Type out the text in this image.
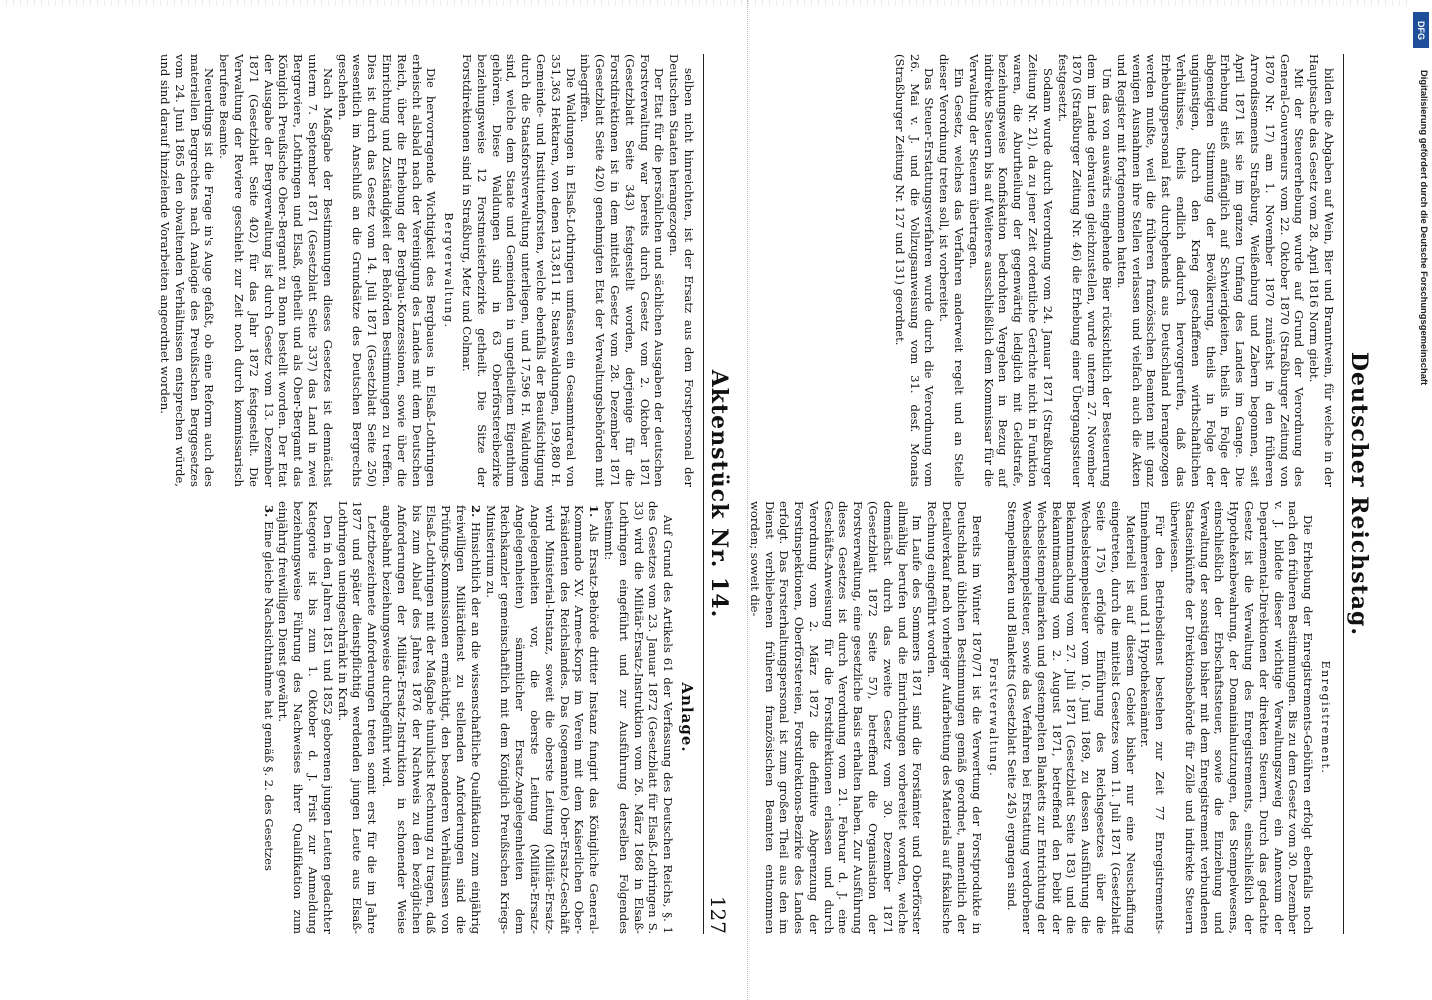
Deutscher Reichstag.

bilden die Abgaben auf Wein, Bier und Branntwein, für welche in der Hauptsache das Gesetz vom 28. April 1816 Norm giebt.

Mit der Steuererhebung wurde auf Grund der Verordnung des General-Gouverneurs vom 22. Oktober 1870 (Straßburger Zeitung von 1870 Nr. 17) am 1. November 1870 zunächst in den früheren Arrondissements Straßburg, Weißenburg und Zabern begonnen, seit April 1871 ist sie im ganzen Umfang des Landes im Gange. Die Erhebung stieß anfänglich auf Schwierigkeiten, theils in Folge der abgeneigten Stimmung der Bevölkerung, theils in Folge der ungünstigen, durch den Krieg geschaffenen wirthschaftlichen Verhältnisse, theils endlich dadurch hervorgerufen, daß das Erhebungspersonal fast durchgehends aus Deutschland herangezogen werden mußte, weil die früheren französischen Beamten mit ganz wenigen Ausnahmen ihre Stellen verlassen und vielfach auch die Akten und Register mit fortgenommen hatten.

Um das von auswärts eingehende Bier rücksichtlich der Besteuerung dem im Lande gebrauten gleichzustellen, wurde unterm 27. November 1870 (Straßburger Zeitung Nr. 46) die Erhebung einer Übergangssteuer festgesetzt.

Sodann wurde durch Verordnung vom 24. Januar 1871 (Straßburger Zeitung Nr. 21), da zu jener Zeit ordentliche Gerichte nicht in Funktion waren, die Aburtheilung der gegenwärtig lediglich mit Geldstrafe, beziehungsweise Konfiskation bedrohten Vergehen in Bezug auf indirekte Steuern bis auf Weiteres ausschließlich dem Kommissar für die Verwaltung der Steuern übertragen.

Ein Gesetz, welches das Verfahren anderweit regelt und an Stelle dieser Verordnung treten soll, ist vorbereitet.

Das Steuer-Erstattungsverfahren wurde durch die Verordnung vom 26. Mai v. J. und die Vollzugsanweisung vom 31. desf. Monats (Straßburger Zeitung Nr. 127 und 131) geordnet.

Enregistrement.

Die Erhebung der Enregistrements-Gebühren erfolgt ebenfalls noch nach den früheren Bestimmungen. Bis zu dem Gesetz vom 30. Dezember v. J. bildete dieser wichtige Verwaltungszweig ein Annexum der Departemental-Direktionen der direkten Steuern. Durch das gedachte Gesetz ist die Verwaltung des Enregistrements, einschließlich der Hypothekenbewahrung, der Domainialnutzungen, des Stempelwesens, einschließlich der Erbschaftssteuer, sowie die Einziehung und Verwaltung der sonstigen bisher mit dem Enregistrement verbundenen Staatseinkünfte der Direktionsbehörde für Zölle und indirekte Steuern überwiesen.

Für den Betriebsdienst bestehen zur Zeit 77 Enregistrements-Einnehmereien und 11 Hypothekenämter.

Materiell ist auf diesem Gebiet bisher nur eine Neuschaffung eingetreten, durch die mittelst Gesetzes vom 11. Juli 1871 (Gesetzblatt Seite 175) erfolgte Einführung des Reichsgesetzes über die Wechselstempelsteuer vom 10. Juni 1869, zu dessen Ausführung die Bekanntmachung vom 27. Juli 1871 (Gesetzblatt Seite 183) und die Bekanntmachung vom 2. August 1871, betreffend den Debit der Wechselstempelmarken und gestempelten Blanketts zur Entrichtung der Wechselstempelsteuer, sowie das Verfahren bei Erstattung verdorbener Stempelmarken und Blanketts (Gesetzblatt Seite 245) ergangen sind.

Forstverwaltung.

Bereits im Winter 1870/71 ist die Verwertung der Forstprodukte in Deutschland üblichen Bestimmungen gemäß geordnet, namentlich der Detailverkauf nach vorheriger Aufarbeitung des Materials auf fiskalische Rechnung eingeführt worden.

Im Laufe des Sommers 1871 sind die Forstämter und Oberförster allmählig berufen und die Einrichtungen vorbereitet worden, welche demnächst durch das zweite Gesetz vom 30. Dezember 1871 (Gesetzblatt 1872 Seite 57), betreffend die Organisation der Forstverwaltung, eine gesetzliche Basis erhalten haben. Zur Ausführung dieses Gesetzes ist durch Verordnung vom 21. Februar d. J. eine Geschäfts-Anweisung für die Forstdirektionen erlassen und durch Verordnung vom 2. März 1872 die definitive Abgrenzung der Forstinspektionen, Oberförstereien, Forstdirektions-Bezirke des Landes erfolgt. Das Forsterhaltungspersonal ist zum großen Theil aus den im Dienst verbliebenen früheren französischen Beamten entnommen worden; soweit die-

Aktenstück Nr. 14.
127

selben nicht hinreichten, ist der Ersatz aus dem Forstpersonal der Deutschen Staaten herangezogen.

Der Etat für die persönlichen und sächlichen Ausgaben der deutschen Forstverwaltung war bereits durch Gesetz vom 2. Oktober 1871 (Gesetzblatt Seite 343) festgestellt worden, derjenige für die Forstdirektionen ist in dem mittelst Gesetz vom 28. Dezember 1871 (Gesetzblatt Seite 420) genehmigten Etat der Verwaltungsbehörden mit inbegriffen.

Die Waldungen in Elsaß-Lothringen umfassen ein Gesammtareal von 351,363 Hektaren, von denen 133,811 H. Staatswaldungen, 199,880 H. Gemeinde- und Institutenforsten, welche ebenfalls der Beaufsichtigung durch die Staatsforstverwaltung unterliegen, und 17,596 H. Waldungen sind, welche dem Staate und Gemeinden in ungetheiltem Eigenthum gehören. Diese Waldungen sind in 63 Oberförstereibezirke beziehungsweise 12 Forstmeisterbezirke getheilt. Die Sitze der Forstdirektionen sind in Straßburg, Metz und Colmar.

Bergverwaltung.

Die hervorragende Wichtigkeit des Bergbaues in Elsaß-Lothringen erheischt alsbald nach der Vereinigung des Landes mit dem Deutschen Reich, über die Erhebung der Bergbau-Konzessionen, sowie über die Einrichtung und Zuständigkeit der Behörden Bestimmungen zu treffen. Dies ist durch das Gesetz vom 14. Juli 1871 (Gesetzblatt Seite 250) wesentlich im Anschluß an die Grundsätze des Deutschen Bergrechts geschehen.

Nach Maßgabe der Bestimmungen dieses Gesetzes ist demnächst unterm 7. September 1871 (Gesetzblatt Seite 337) das Land in zwei Bergreviere, Lothringen und Elsaß, getheilt und als Ober-Bergamt das Königlich Preußische Ober-Bergamt zu Bonn bestellt worden. Der Etat der Ausgabe der Bergverwaltung ist durch Gesetz vom 13. Dezember 1871 (Gesetzblatt Seite 402) für das Jahr 1872 festgestellt. Die Verwaltung der Reviere geschieht zur Zeit noch durch kommissarisch berufene Beamte.

Neuerdings ist die Frage in's Auge gefaßt, ob eine Reform auch des materiellen Bergrechtes nach Analogie des Preußischen Berggesetzes vom 24. Juni 1865 den obwaltenden Verhältnissen entsprechen würde, und sind darauf hinzielende Vorarbeiten angeordnet worden.

Anlage.

Auf Grund des Artikels 61 der Verfassung des Deutschen Reichs, §. 1 des Gesetzes vom 23. Januar 1872 (Gesetzblatt für Elsaß-Lothringen S. 33) wird die Militär-Ersatz-Instruktion vom 26. März 1868 in Elsaß-Lothringen eingeführt und zur Ausführung derselben Folgendes bestimmt:

1. Als Ersatz-Behörde dritter Instanz fungirt das Königliche General-Kommando XV. Armee-Korps im Verein mit dem Kaiserlichen Ober-Präsidenten des Reichslandes. Das (sogenannte) Ober-Ersatz-Geschäft wird Ministerial-Instanz, soweit die oberste Leitung (Militär-Ersatz-Angelegenheiten vor, die oberste Leitung (Militär-Ersatz-Angelegenheiten) sämmtlicher Ersatz-Angelegenheiten dem Reichskanzler gemeinschaftlich mit dem Königlich Preußischen Kriegs-Ministerium zu.
2. Hinsichtlich der an die wissenschaftliche Qualifikation zum einjährig freiwilligen Militärdienst zu stellenden Anforderungen sind die Prüfungs-Kommissionen ermächtigt, den besonderen Verhältnissen von Elsaß-Lothringen mit der Maßgabe thunlichst Rechnung zu tragen, daß bis zum Ablauf des Jahres 1876 der Nachweis zu den bezüglichen Anforderungen der Militär-Ersatz-Instruktion in schonender Weise angebahnt beziehungsweise durchgeführt wird.

Letztbezeichnete Anforderungen treten somit erst für die im Jahre 1877 und später dienstpflichtig werdenden jungen Leute aus Elsaß-Lothringen uneingeschränkt in Kraft.

Den in den Jahren 1851 und 1852 geborenen jungen Leuten gedachter Kategorie ist bis zum 1. Oktober d. J. Frist zur Anmeldung beziehungsweise Führung des Nachweises ihrer Qualifikation zum einjährig freiwilligen Dienst gewährt.

3. Eine gleiche Nachsichtnahme hat gemäß §. 2. des Gesetzes
DFG
Digitalisierung gefördert durch die Deutsche Forschungsgemeinschaft
